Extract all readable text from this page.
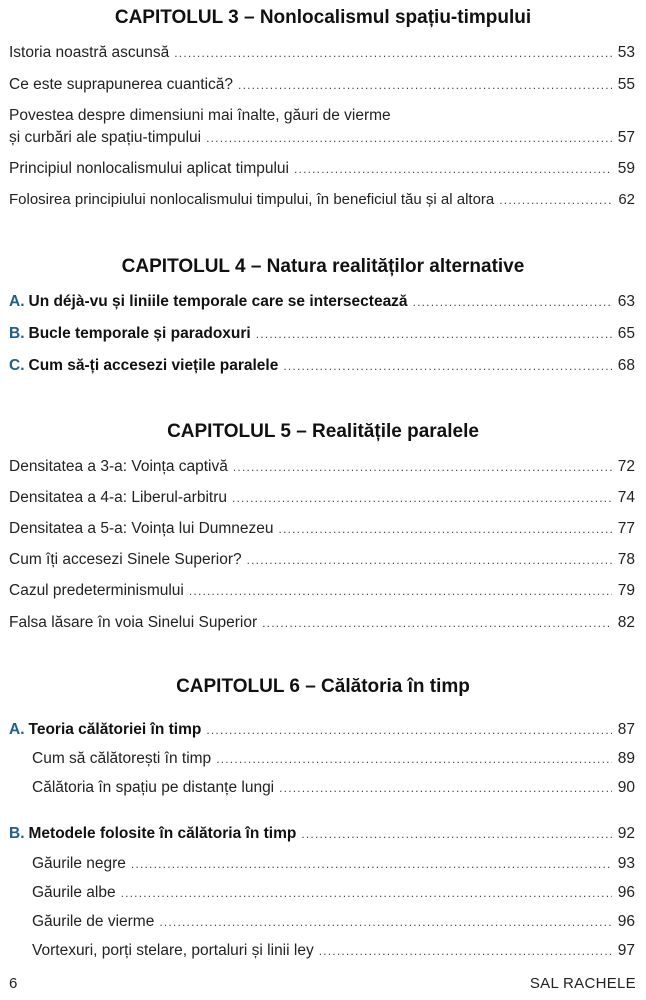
CAPITOLUL 3 – Nonlocalismul spațiu-timpului
Istoria noastră ascunsă .....	53
Ce este suprapunerea cuantică? .....	55
Povestea despre dimensiuni mai înalte, găuri de vierme
și curbări ale spațiu-timpului .....	57
Principiul nonlocalismului aplicat timpului .....	59
Folosirea principiului nonlocalismului timpului, în beneficiul tău și al altora .....	62
CAPITOLUL 4 – Natura realităților alternative
A. Un déjà-vu și liniile temporale care se intersectează .....	63
B. Bucle temporale și paradoxuri .....	65
C. Cum să-ți accesezi viețile paralele .....	68
CAPITOLUL 5 – Realitățile paralele
Densitatea a 3-a: Voința captivă .....	72
Densitatea a 4-a: Liberul-arbitru .....	74
Densitatea a 5-a: Voința lui Dumnezeu .....	77
Cum îți accesezi Sinele Superior? .....	78
Cazul predeterminismului .....	79
Falsa lăsare în voia Sinelui Superior .....	82
CAPITOLUL 6 – Călătoria în timp
A. Teoria călătoriei în timp .....	87
Cum să călătorești în timp .....	89
Călătoria în spațiu pe distanțe lungi .....	90
B. Metodele folosite în călătoria în timp .....	92
Găurile negre .....	93
Găurile albe .....	96
Găurile de vierme .....	96
Vortexuri, porți stelare, portaluri și linii ley .....	97
6	SAL RACHELE
